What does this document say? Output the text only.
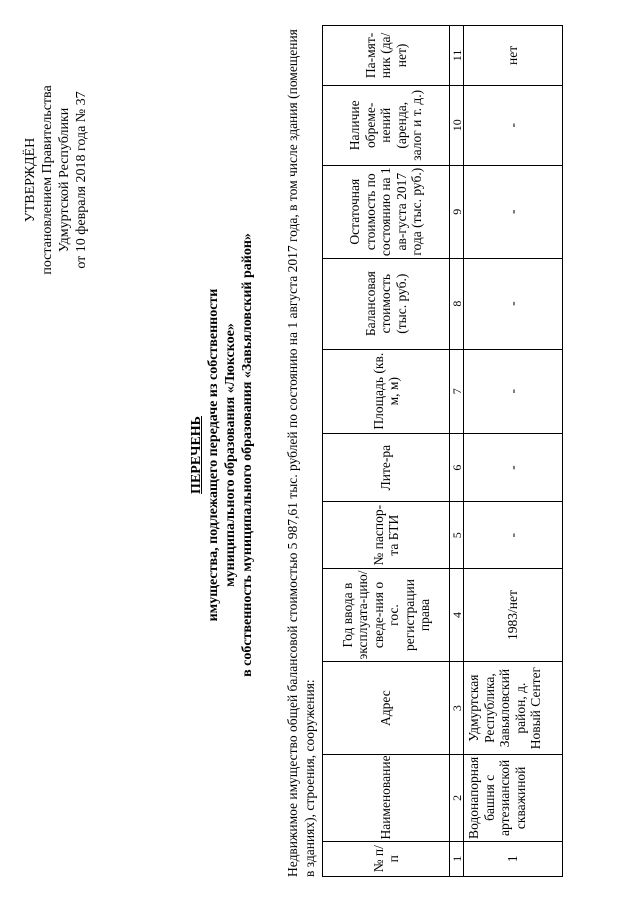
УТВЕРЖДЁН постановлением Правительства Удмуртской Республики от 10 февраля 2018 года № 37
ПЕРЕЧЕНЬ имущества, подлежащего передаче из собственности муниципального образования «Люкское» в собственность муниципального образования «Завьяловский район» Недвижимое имущество общей балансовой стоимостью 5 987,61 тыс. рублей по состоянию на 1 августа 2017 года, в том числе здания (помещения в зданиях), строения, сооружения:	№ п/п	Наименование	Адрес	Год ввода в эксплуата-цию/сведе-ния о гос. регистрации права	№ паспор-та БТИ	Лите-ра	Площадь (кв. м, м)	Балансовая стоимость (тыс. руб.)	Остаточная стоимость по состоянию на 1 ав-густа 2017 года (тыс. руб.)	Наличие обреме-нений (аренда, залог и т. д.)	Па-мят-ник (да/ нет)
1	2	3	4	5	6	7	8	9	10	11
1	Водонапорная башня с артезианской скважиной	Удмуртская Республика, Завьяловский район, д. Новый Сентег	1983/нет	-	-	-	-	-	-	нет
